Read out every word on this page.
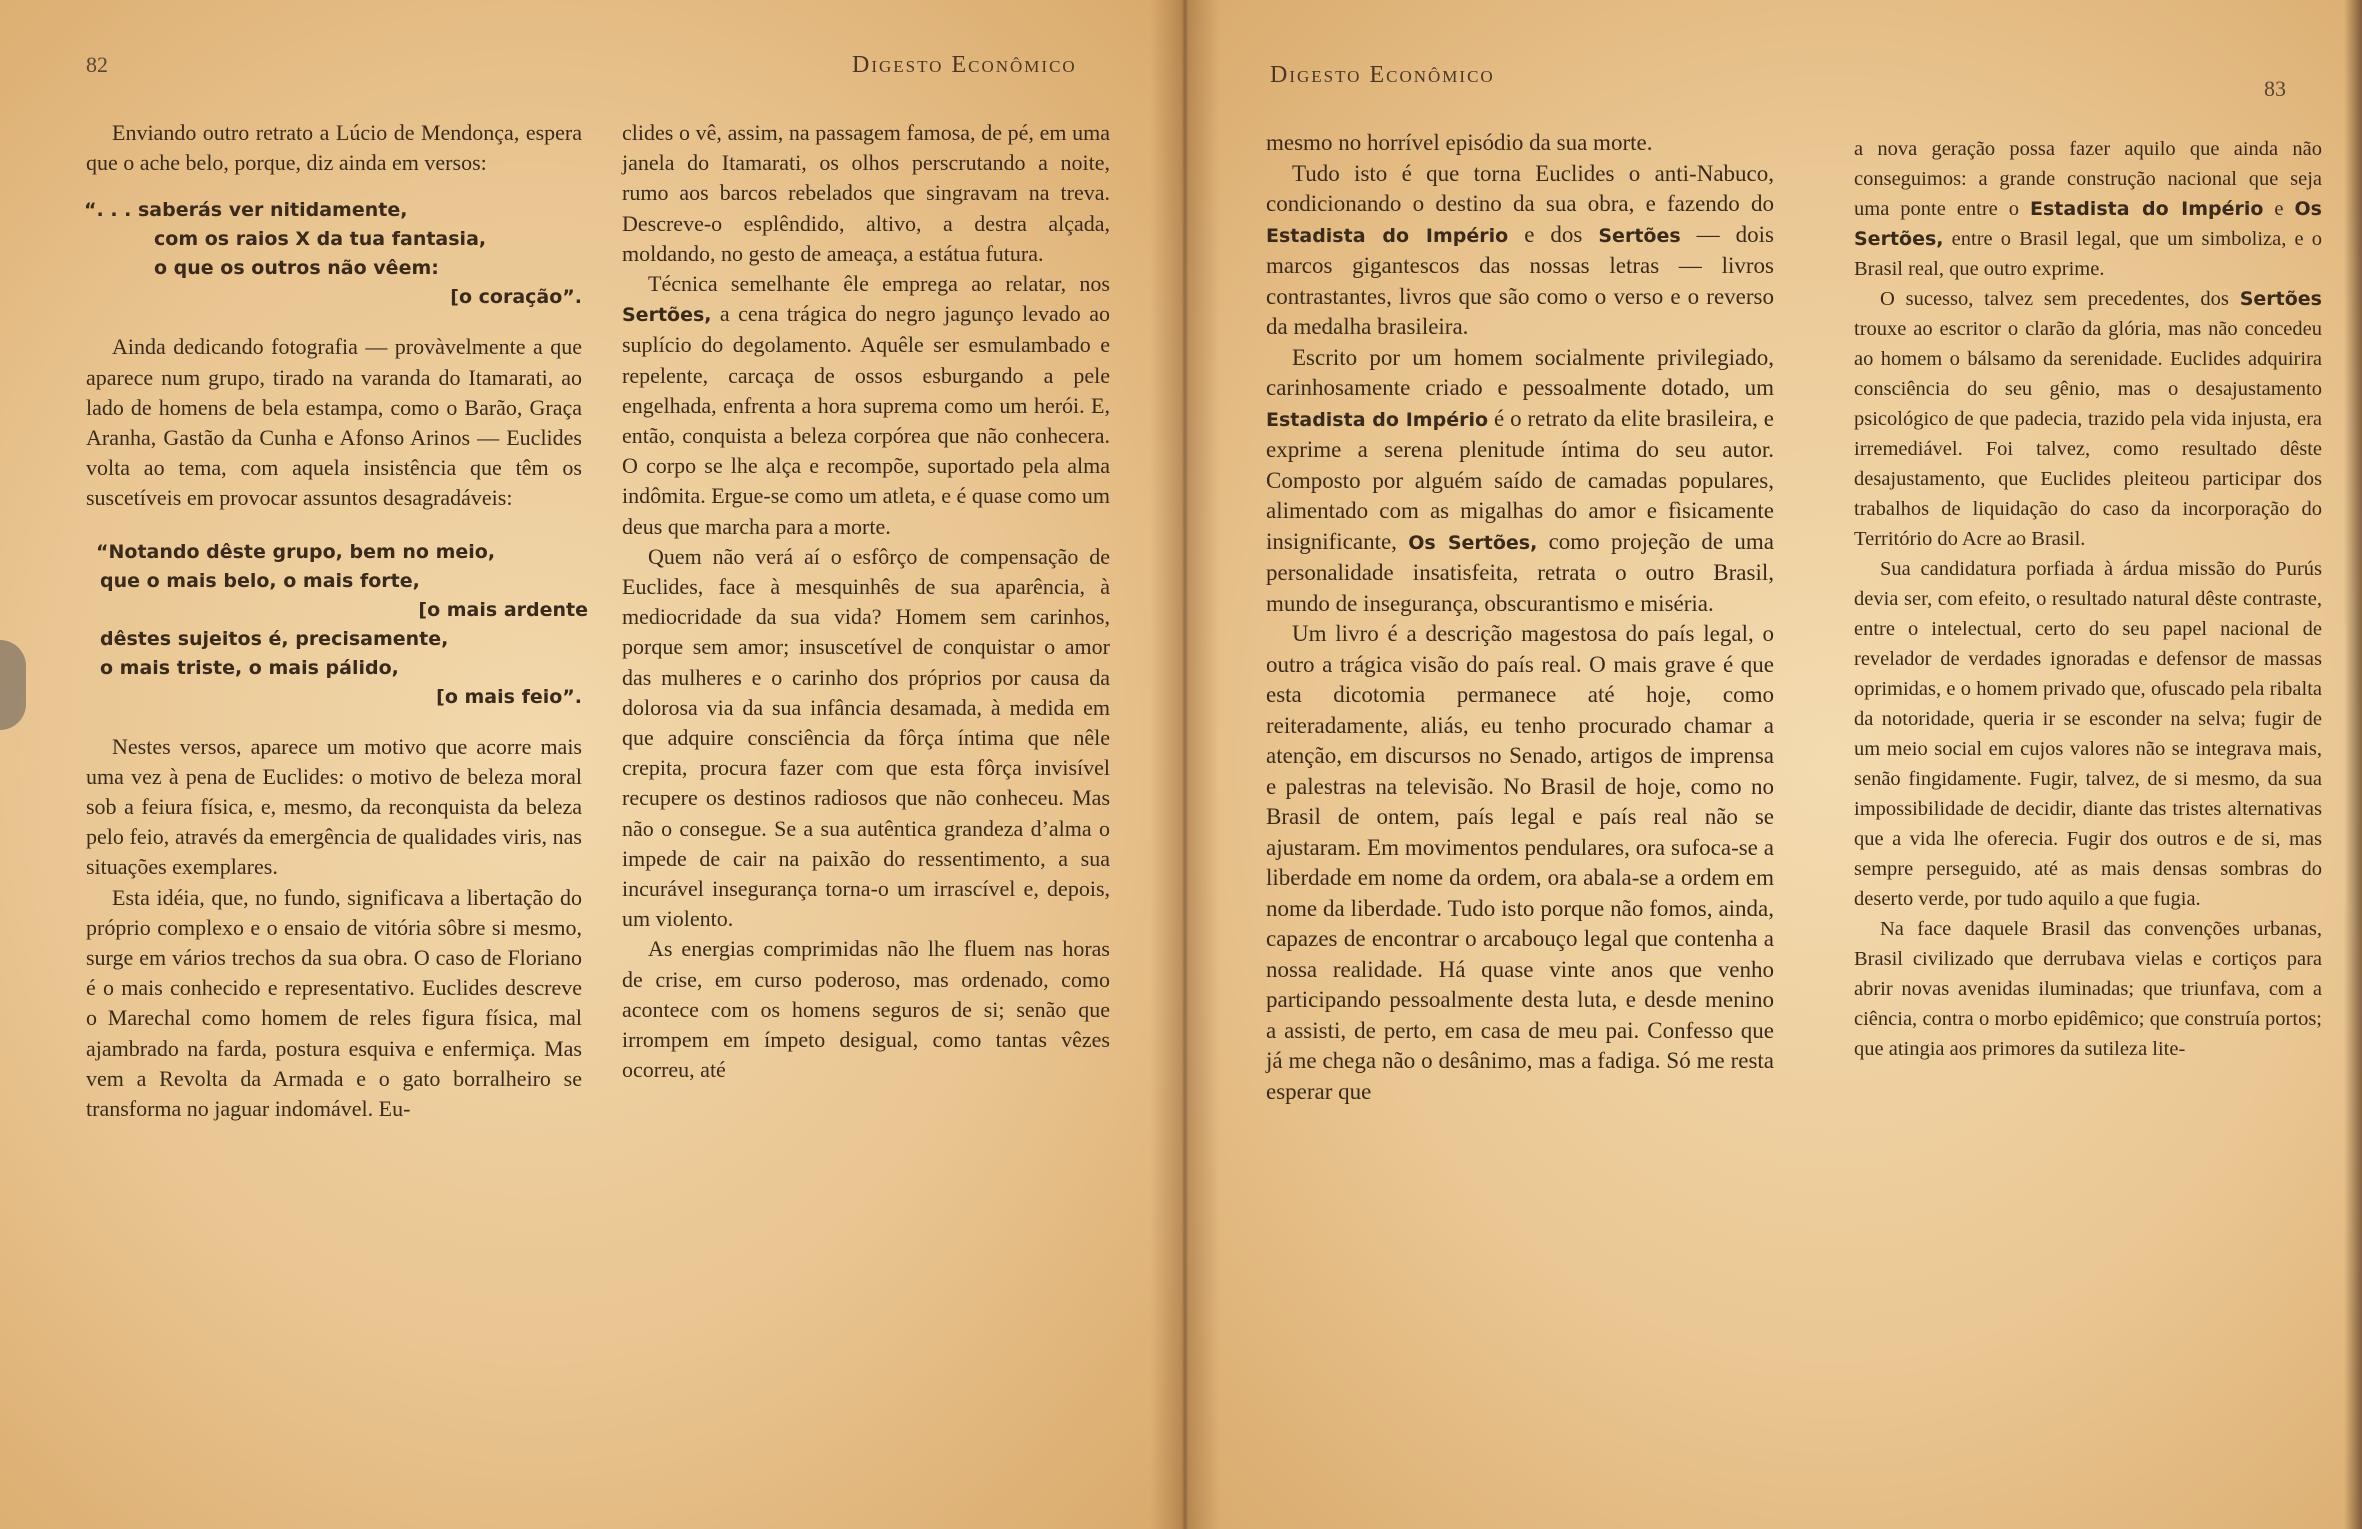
82	Digesto Econômico

Enviando outro retrato a Lúcio de Mendonça, espera que o ache belo, porque, diz ainda em versos:

“. . . saberás ver nitidamente,
com os raios X da tua fantasia,
o que os outros não vêem:
[o coração”.

Ainda dedicando fotografia — provàvelmente a que aparece num grupo, tirado na varanda do Itamarati, ao lado de homens de bela estampa, como o Barão, Graça Aranha, Gastão da Cunha e Afonso Arinos — Euclides volta ao tema, com aquela insistência que têm os suscetíveis em provocar assuntos desagradáveis:

“Notando dêste grupo, bem no meio,
que o mais belo, o mais forte,
[o mais ardente
dêstes sujeitos é, precisamente,
o mais triste, o mais pálido,
[o mais feio”.

Nestes versos, aparece um motivo que acorre mais uma vez à pena de Euclides: o motivo de beleza moral sob a feiura física, e, mesmo, da reconquista da beleza pelo feio, através da emergência de qualidades viris, nas situações exemplares.

Esta idéia, que, no fundo, significava a libertação do próprio complexo e o ensaio de vitória sôbre si mesmo, surge em vários trechos da sua obra. O caso de Floriano é o mais conhecido e representativo. Euclides descreve o Marechal como homem de reles figura física, mal ajambrado na farda, postura esquiva e enfermiça. Mas vem a Revolta da Armada e o gato borralheiro se transforma no jaguar indomável. Eu-

clides o vê, assim, na passagem famosa, de pé, em uma janela do Itamarati, os olhos perscrutando a noite, rumo aos barcos rebelados que singravam na treva. Descreve-o esplêndido, altivo, a destra alçada, moldando, no gesto de ameaça, a estátua futura.

Técnica semelhante êle emprega ao relatar, nos Sertões, a cena trágica do negro jagunço levado ao suplício do degolamento. Aquêle ser esmulambado e repelente, carcaça de ossos esburgando a pele engelhada, enfrenta a hora suprema como um herói. E, então, conquista a beleza corpórea que não conhecera. O corpo se lhe alça e recompõe, suportado pela alma indômita. Ergue-se como um atleta, e é quase como um deus que marcha para a morte.

Quem não verá aí o esfôrço de compensação de Euclides, face à mesquinhês de sua aparência, à mediocridade da sua vida? Homem sem carinhos, porque sem amor; insuscetível de conquistar o amor das mulheres e o carinho dos próprios por causa da dolorosa via da sua infância desamada, à medida em que adquire consciência da fôrça íntima que nêle crepita, procura fazer com que esta fôrça invisível recupere os destinos radiosos que não conheceu. Mas não o consegue. Se a sua autêntica grandeza d’alma o impede de cair na paixão do ressentimento, a sua incurável insegurança torna-o um irrascível e, depois, um violento.

As energias comprimidas não lhe fluem nas horas de crise, em curso poderoso, mas ordenado, como acontece com os homens seguros de si; senão que irrompem em ímpeto desigual, como tantas vêzes ocorreu, até

Digesto Econômico
83

mesmo no horrível episódio da sua morte.

Tudo isto é que torna Euclides o anti-Nabuco, condicionando o destino da sua obra, e fazendo do Estadista do Império e dos Sertões — dois marcos gigantescos das nossas letras — livros contrastantes, livros que são como o verso e o reverso da medalha brasileira.

Escrito por um homem socialmente privilegiado, carinhosamente criado e pessoalmente dotado, um Estadista do Império é o retrato da elite brasileira, e exprime a serena plenitude íntima do seu autor. Composto por alguém saído de camadas populares, alimentado com as migalhas do amor e fìsicamente insignificante, Os Sertões, como projeção de uma personalidade insatisfeita, retrata o outro Brasil, mundo de insegurança, obscurantismo e miséria.

Um livro é a descrição magestosa do país legal, o outro a trágica visão do país real. O mais grave é que esta dicotomia permanece até hoje, como reiteradamente, aliás, eu tenho procurado chamar a atenção, em discursos no Senado, artigos de imprensa e palestras na televisão. No Brasil de hoje, como no Brasil de ontem, país legal e país real não se ajustaram. Em movimentos pendulares, ora sufoca-se a liberdade em nome da ordem, ora abala-se a ordem em nome da liberdade. Tudo isto porque não fomos, ainda, capazes de encontrar o arcabouço legal que contenha a nossa realidade. Há quase vinte anos que venho participando pessoalmente desta luta, e desde menino a assisti, de perto, em casa de meu pai. Confesso que já me chega não o desânimo, mas a fadiga. Só me resta esperar que

a nova geração possa fazer aquilo que ainda não conseguimos: a grande construção nacional que seja uma ponte entre o Estadista do Império e Os Sertões, entre o Brasil legal, que um simboliza, e o Brasil real, que outro exprime.

O sucesso, talvez sem precedentes, dos Sertões trouxe ao escritor o clarão da glória, mas não concedeu ao homem o bálsamo da serenidade. Euclides adquirira consciência do seu gênio, mas o desajustamento psicológico de que padecia, trazido pela vida injusta, era irremediável. Foi talvez, como resultado dêste desajustamento, que Euclides pleiteou participar dos trabalhos de liquidação do caso da incorporação do Território do Acre ao Brasil.

Sua candidatura porfiada à árdua missão do Purús devia ser, com efeito, o resultado natural dêste contraste, entre o intelectual, certo do seu papel nacional de revelador de verdades ignoradas e defensor de massas oprimidas, e o homem privado que, ofuscado pela ribalta da notoridade, queria ir se esconder na selva; fugir de um meio social em cujos valores não se integrava mais, senão fingidamente. Fugir, talvez, de si mesmo, da sua impossibilidade de decidir, diante das tristes alternativas que a vida lhe oferecia. Fugir dos outros e de si, mas sempre perseguido, até as mais densas sombras do deserto verde, por tudo aquilo a que fugia.

Na face daquele Brasil das convenções urbanas, Brasil civilizado que derrubava vielas e cortiços para abrir novas avenidas iluminadas; que triunfava, com a ciência, contra o morbo epidêmico; que construía portos; que atingia aos primores da sutileza lite-
